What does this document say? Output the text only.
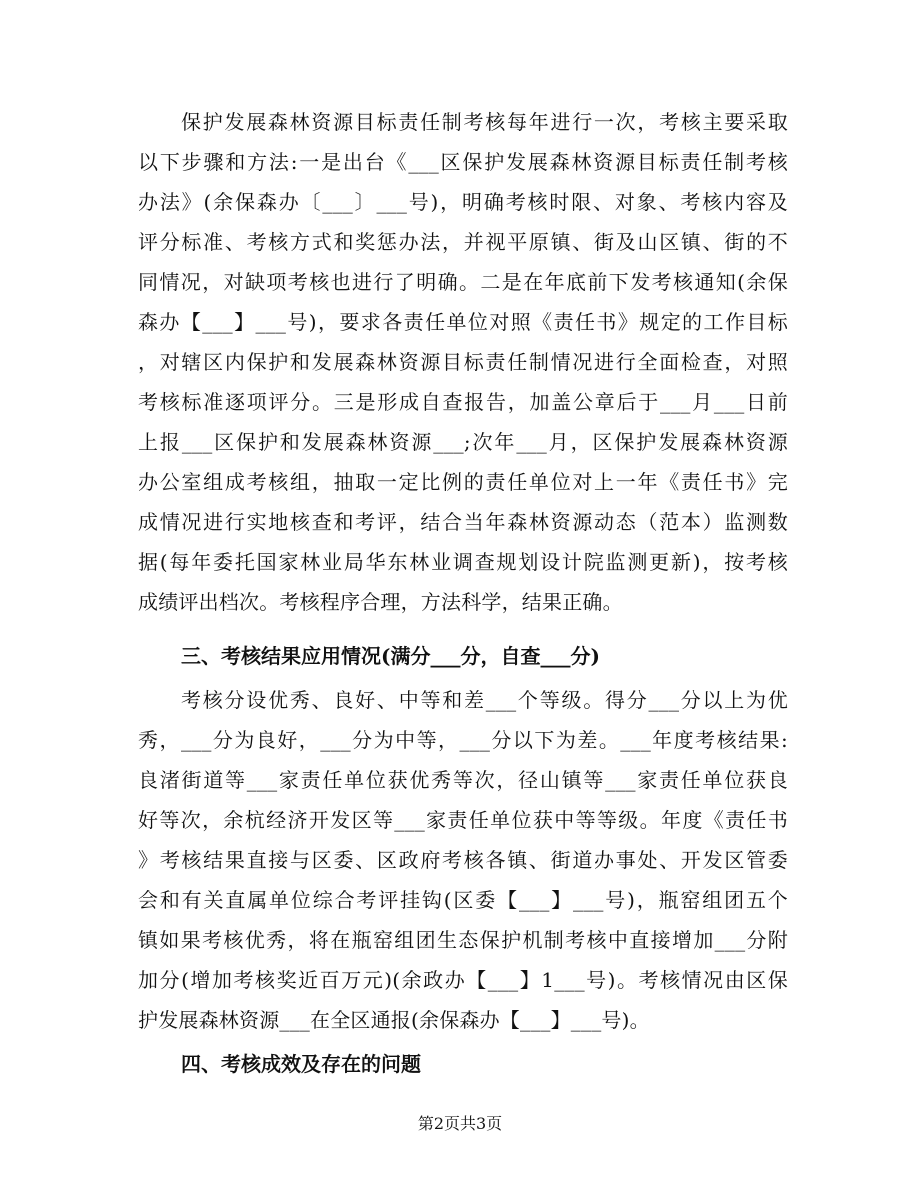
保护发展森林资源目标责任制考核每年进行一次，考核主要采取
以下步骤和方法:一是出台《___区保护发展森林资源目标责任制考核
办法》(余保森办〔___〕___号)，明确考核时限、对象、考核内容及
评分标准、考核方式和奖惩办法，并视平原镇、街及山区镇、街的不
同情况，对缺项考核也进行了明确。二是在年底前下发考核通知(余保
森办【___】___号)，要求各责任单位对照《责任书》规定的工作目标
，对辖区内保护和发展森林资源目标责任制情况进行全面检查，对照
考核标准逐项评分。三是形成自查报告，加盖公章后于___月___日前
上报___区保护和发展森林资源___;次年___月，区保护发展森林资源
办公室组成考核组，抽取一定比例的责任单位对上一年《责任书》完
成情况进行实地核查和考评，结合当年森林资源动态（范本）监测数
据(每年委托国家林业局华东林业调查规划设计院监测更新)，按考核
成绩评出档次。考核程序合理，方法科学，结果正确。
三、考核结果应用情况(满分___分，自查___分)
考核分设优秀、良好、中等和差___个等级。得分___分以上为优
秀，___分为良好，___分为中等，___分以下为差。___年度考核结果:
良渚街道等___家责任单位获优秀等次，径山镇等___家责任单位获良
好等次，余杭经济开发区等___家责任单位获中等等级。年度《责任书
》考核结果直接与区委、区政府考核各镇、街道办事处、开发区管委
会和有关直属单位综合考评挂钩(区委【___】___号)，瓶窑组团五个
镇如果考核优秀，将在瓶窑组团生态保护机制考核中直接增加___分附
加分(增加考核奖近百万元)(余政办【___】1___号)。考核情况由区保
护发展森林资源___在全区通报(余保森办【___】___号)。
四、考核成效及存在的问题
第2页共3页
